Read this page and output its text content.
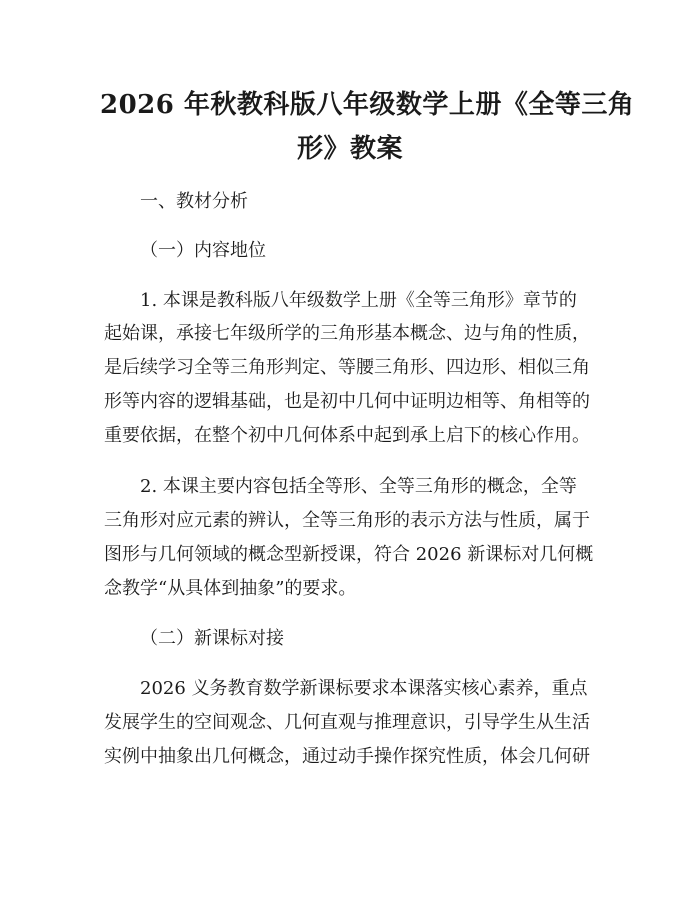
2026 年秋教科版八年级数学上册《全等三角
形》教案
一、教材分析
（一）内容地位
1. 本课是教科版八年级数学上册《全等三角形》章节的
起始课，承接七年级所学的三角形基本概念、边与角的性质，
是后续学习全等三角形判定、等腰三角形、四边形、相似三角
形等内容的逻辑基础，也是初中几何中证明边相等、角相等的
重要依据，在整个初中几何体系中起到承上启下的核心作用。
2. 本课主要内容包括全等形、全等三角形的概念，全等
三角形对应元素的辨认，全等三角形的表示方法与性质，属于
图形与几何领域的概念型新授课，符合 2026 新课标对几何概
念教学“从具体到抽象”的要求。
（二）新课标对接
2026 义务教育数学新课标要求本课落实核心素养，重点
发展学生的空间观念、几何直观与推理意识，引导学生从生活
实例中抽象出几何概念，通过动手操作探究性质，体会几何研
